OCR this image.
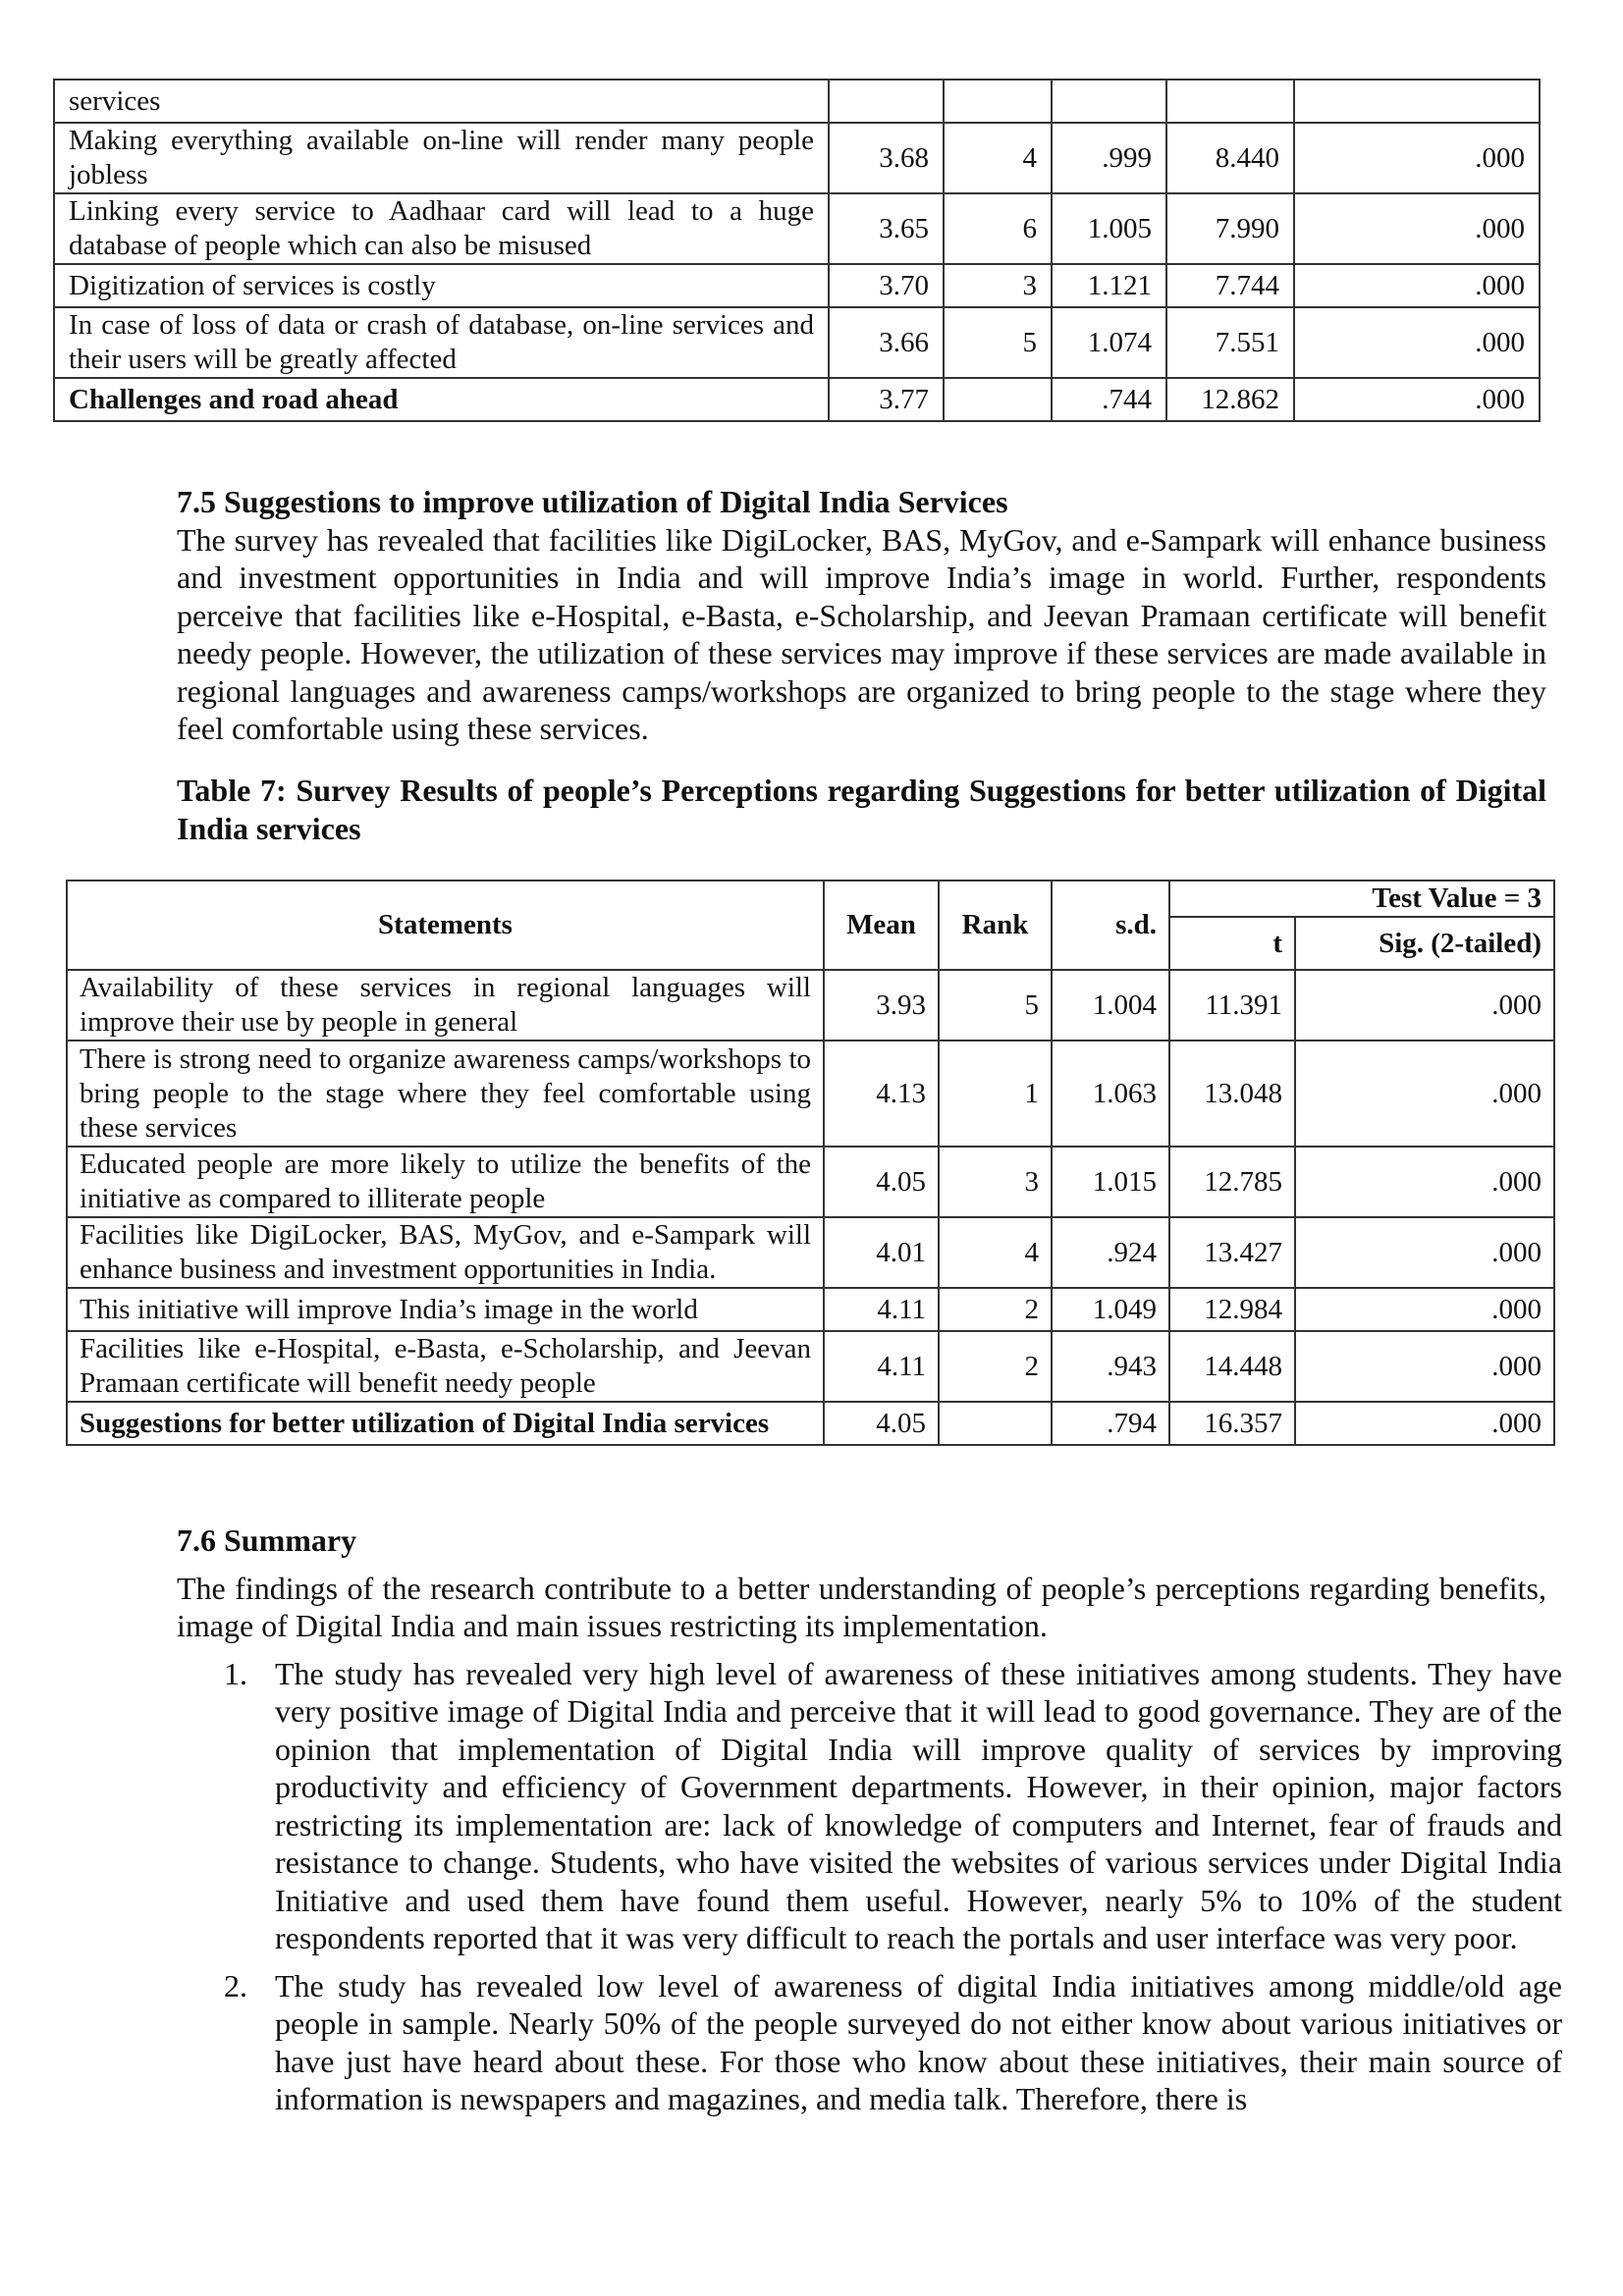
services					
Making everything available on-line will render many people jobless	3.68	4	.999	8.440	.000
Linking every service to Aadhaar card will lead to a huge database of people which can also be misused	3.65	6	1.005	7.990	.000
Digitization of services is costly	3.70	3	1.121	7.744	.000
In case of loss of data or crash of database, on-line services and their users will be greatly affected	3.66	5	1.074	7.551	.000
Challenges and road ahead	3.77		.744	12.862	.000
7.5 Suggestions to improve utilization of Digital India Services

The survey has revealed that facilities like DigiLocker, BAS, MyGov, and e-Sampark will enhance business and investment opportunities in India and will improve India’s image in world. Further, respondents perceive that facilities like e-Hospital, e-Basta, e-Scholarship, and Jeevan Pramaan certificate will benefit needy people. However, the utilization of these services may improve if these services are made available in regional languages and awareness camps/workshops are organized to bring people to the stage where they feel comfortable using these services.

Table 7: Survey Results of people’s Perceptions regarding Suggestions for better utilization of Digital India services

Statements	Mean	Rank	s.d.	Test Value = 3	
				t	Sig. (2-tailed)
Availability of these services in regional languages will improve their use by people in general	3.93	5	1.004	11.391	.000
There is strong need to organize awareness camps/workshops to bring people to the stage where they feel comfortable using these services	4.13	1	1.063	13.048	.000
Educated people are more likely to utilize the benefits of the initiative as compared to illiterate people	4.05	3	1.015	12.785	.000
Facilities like DigiLocker, BAS, MyGov, and e-Sampark will enhance business and investment opportunities in India.	4.01	4	.924	13.427	.000
This initiative will improve India’s image in the world	4.11	2	1.049	12.984	.000
Facilities like e-Hospital, e-Basta, e-Scholarship, and Jeevan Pramaan certificate will benefit needy people	4.11	2	.943	14.448	.000
Suggestions for better utilization of Digital India services	4.05		.794	16.357	.000
7.6 Summary

The findings of the research contribute to a better understanding of people’s perceptions regarding benefits, image of Digital India and main issues restricting its implementation.

1. The study has revealed very high level of awareness of these initiatives among students. They have very positive image of Digital India and perceive that it will lead to good governance. They are of the opinion that implementation of Digital India will improve quality of services by improving productivity and efficiency of Government departments. However, in their opinion, major factors restricting its implementation are: lack of knowledge of computers and Internet, fear of frauds and resistance to change. Students, who have visited the websites of various services under Digital India Initiative and used them have found them useful. However, nearly 5% to 10% of the student respondents reported that it was very difficult to reach the portals and user interface was very poor.
2. The study has revealed low level of awareness of digital India initiatives among middle/old age people in sample. Nearly 50% of the people surveyed do not either know about various initiatives or have just have heard about these. For those who know about these initiatives, their main source of information is newspapers and magazines, and media talk. Therefore, there is
